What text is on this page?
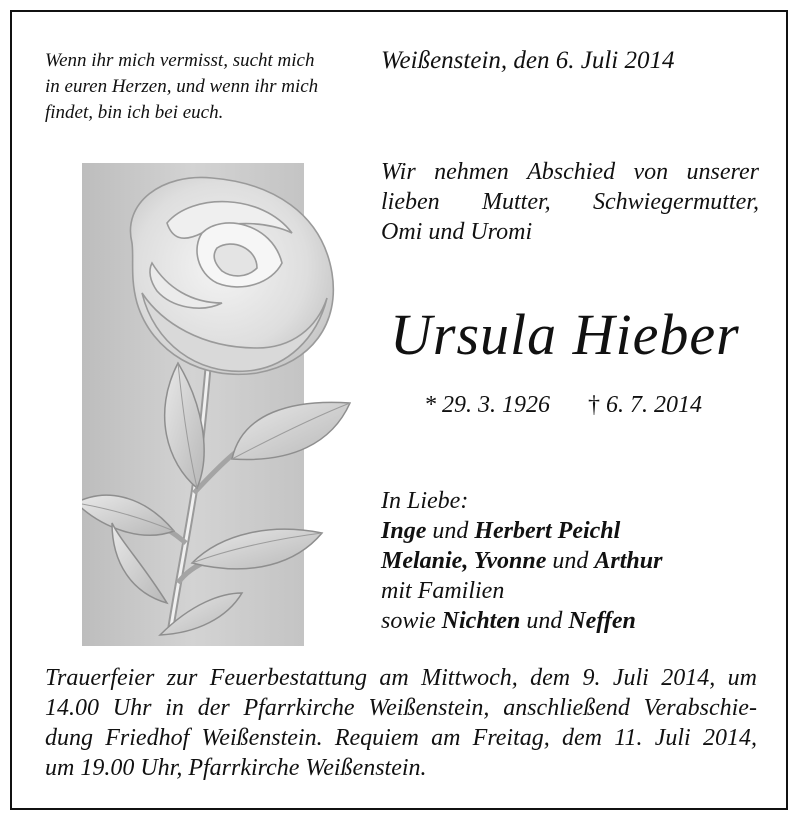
Wenn ihr mich vermisst, sucht mich
in euren Herzen, und wenn ihr mich
findet, bin ich bei euch.
Weißenstein, den 6. Juli 2014
Wir nehmen Abschied von unserer
lieben Mutter, Schwiegermutter,
Omi und Uromi
Ursula Hieber
* 29. 3. 1926 † 6. 7. 2014
In Liebe:
Inge und Herbert Peichl
Melanie, Yvonne und Arthur
mit Familien
sowie Nichten und Neffen
Trauerfeier zur Feuerbestattung am Mittwoch, dem 9. Juli 2014, um
14.00 Uhr in der Pfarrkirche Weißenstein, anschließend Verabschie-
dung Friedhof Weißenstein. Requiem am Freitag, dem 11. Juli 2014,
um 19.00 Uhr, Pfarrkirche Weißenstein.
